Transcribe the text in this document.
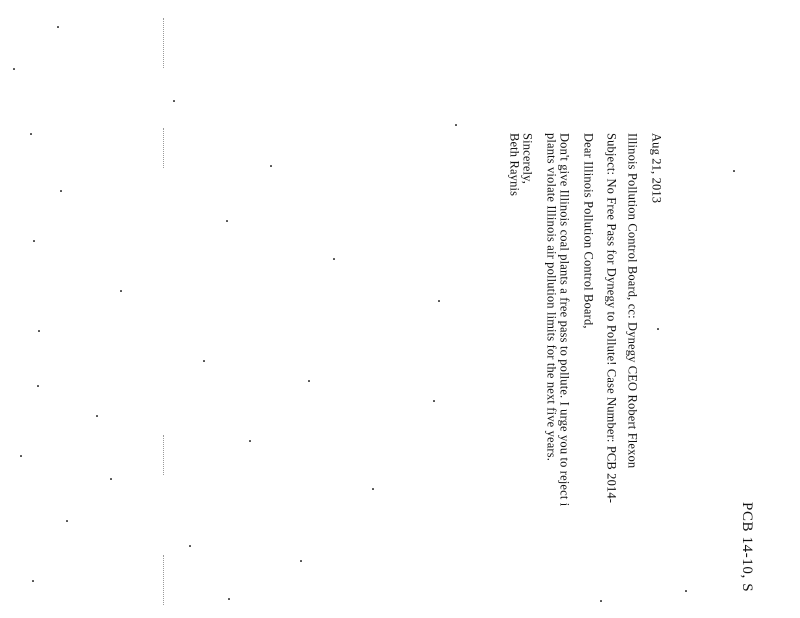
PCB 14-10, S
Aug 21, 2013
Illinois Pollution Control Board, cc: Dynegy CEO Robert Flexon
Subject: No Free Pass for Dynegy to Pollute! Case Number: PCB 2014-
Dear Illinois Pollution Control Board,
Don't give Illinois coal plants a free pass to pollute. I urge you to reject i
plants violate Illinois air pollution limits for the next five years.
Sincerely,
Beth Raynis
